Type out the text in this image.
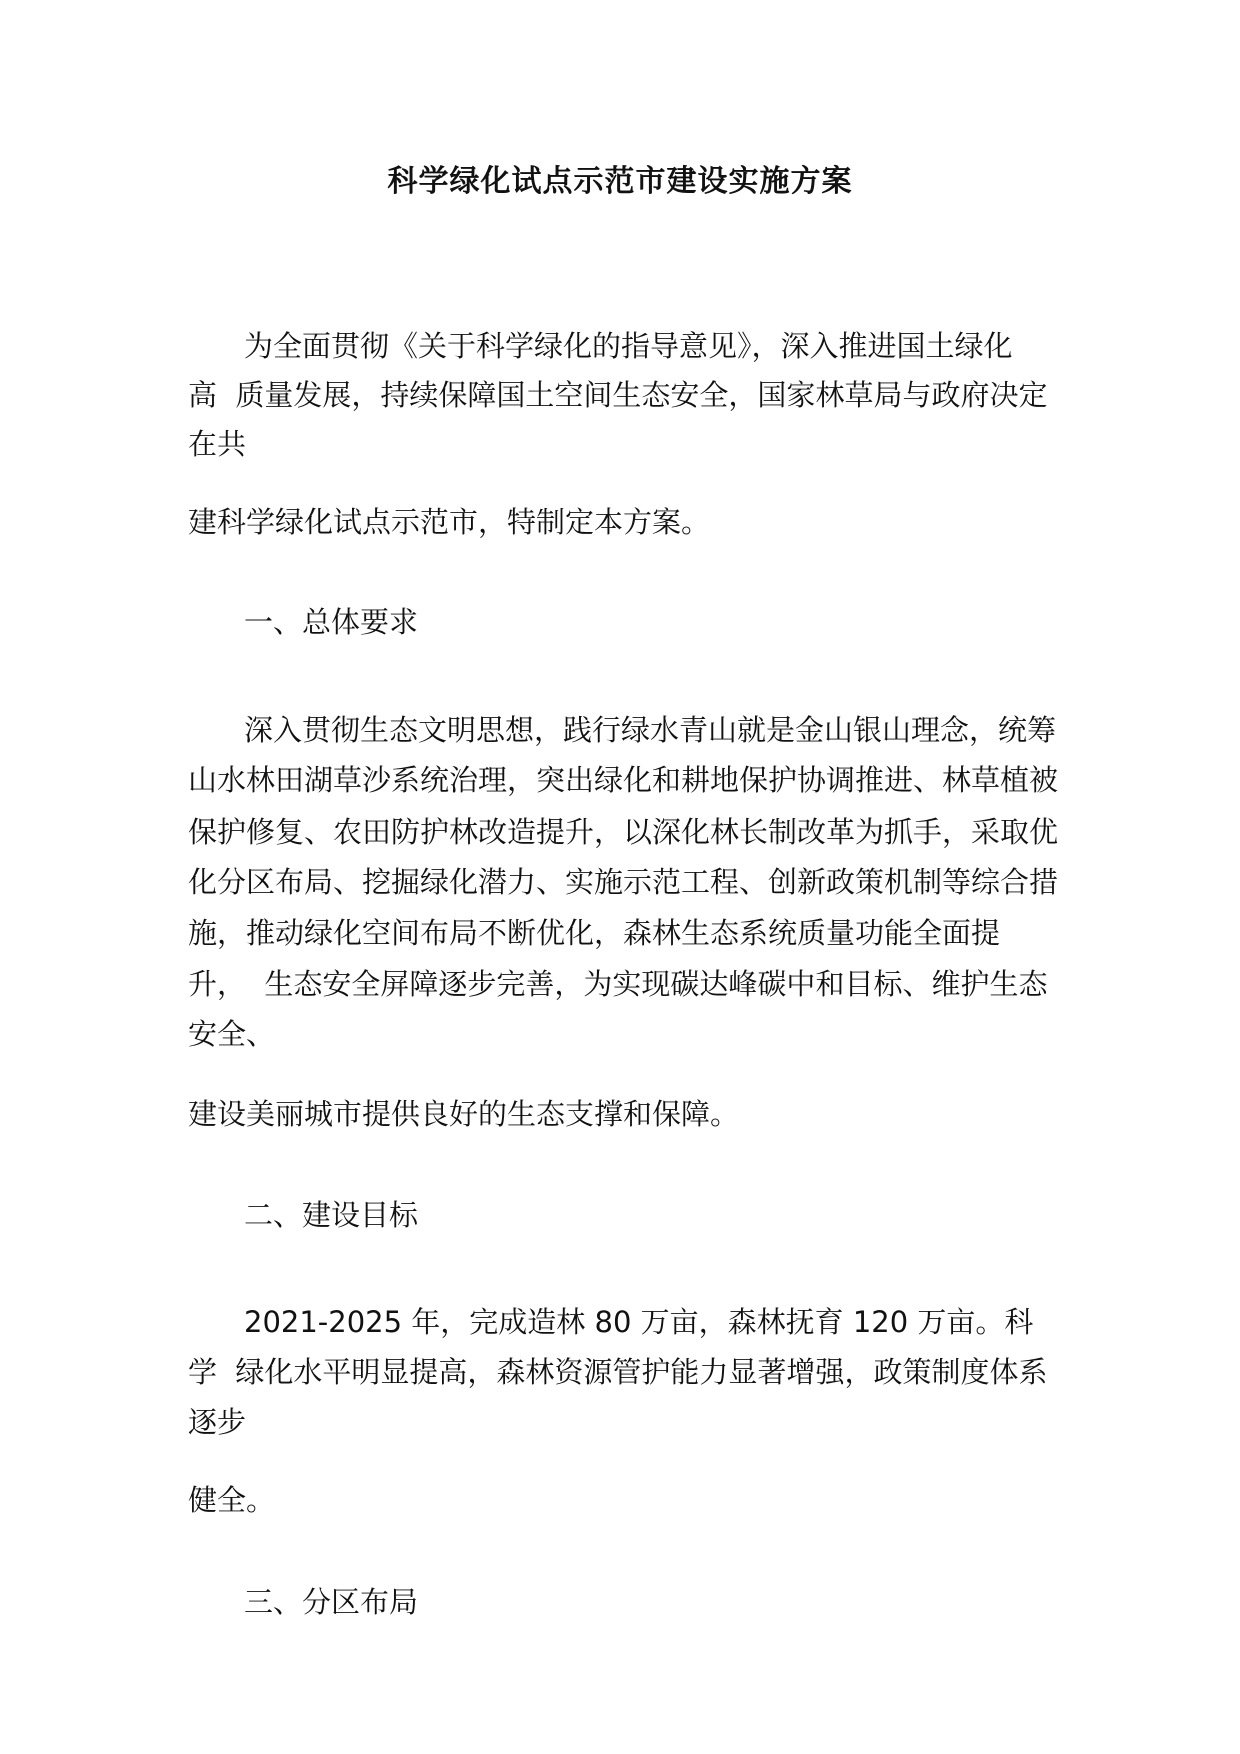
科学绿化试点示范市建设实施方案
为全面贯彻《关于科学绿化的指导意见》，深入推进国土绿化
高  质量发展，持续保障国土空间生态安全，国家林草局与政府决定
在共
建科学绿化试点示范市，特制定本方案。
一、总体要求
深入贯彻生态文明思想，践行绿水青山就是金山银山理念，统筹
山水林田湖草沙系统治理，突出绿化和耕地保护协调推进、林草植被
保护修复、农田防护林改造提升，以深化林长制改革为抓手，采取优
化分区布局、挖掘绿化潜力、实施示范工程、创新政策机制等综合措
施，推动绿化空间布局不断优化，森林生态系统质量功能全面提
升，  生态安全屏障逐步完善，为实现碳达峰碳中和目标、维护生态
安全、
建设美丽城市提供良好的生态支撑和保障。
二、建设目标
2021-2025 年，完成造林 80 万亩，森林抚育 120 万亩。科
学  绿化水平明显提高，森林资源管护能力显著增强，政策制度体系
逐步
健全。
三、分区布局
